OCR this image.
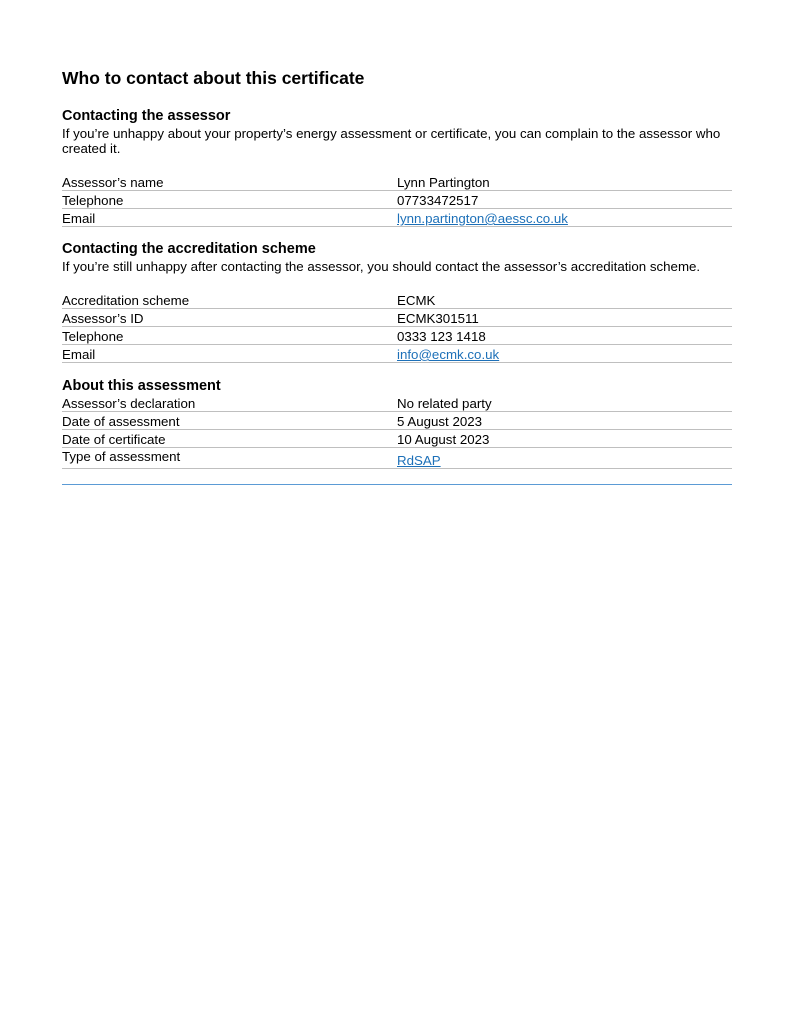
Who to contact about this certificate
Contacting the assessor

If you’re unhappy about your property’s energy assessment or certificate, you can complain to the assessor who created it.

Assessor’s name	Lynn Partington
Telephone	07733472517
Email	lynn.partington@aessc.co.uk
Contacting the accreditation scheme

If you’re still unhappy after contacting the assessor, you should contact the assessor’s accreditation scheme.

Accreditation scheme	ECMK
Assessor’s ID	ECMK301511
Telephone	0333 123 1418
Email	info@ecmk.co.uk
About this assessment
Assessor’s declaration	No related party
Date of assessment	5 August 2023
Date of certificate	10 August 2023
Type of assessment	RdSAP
